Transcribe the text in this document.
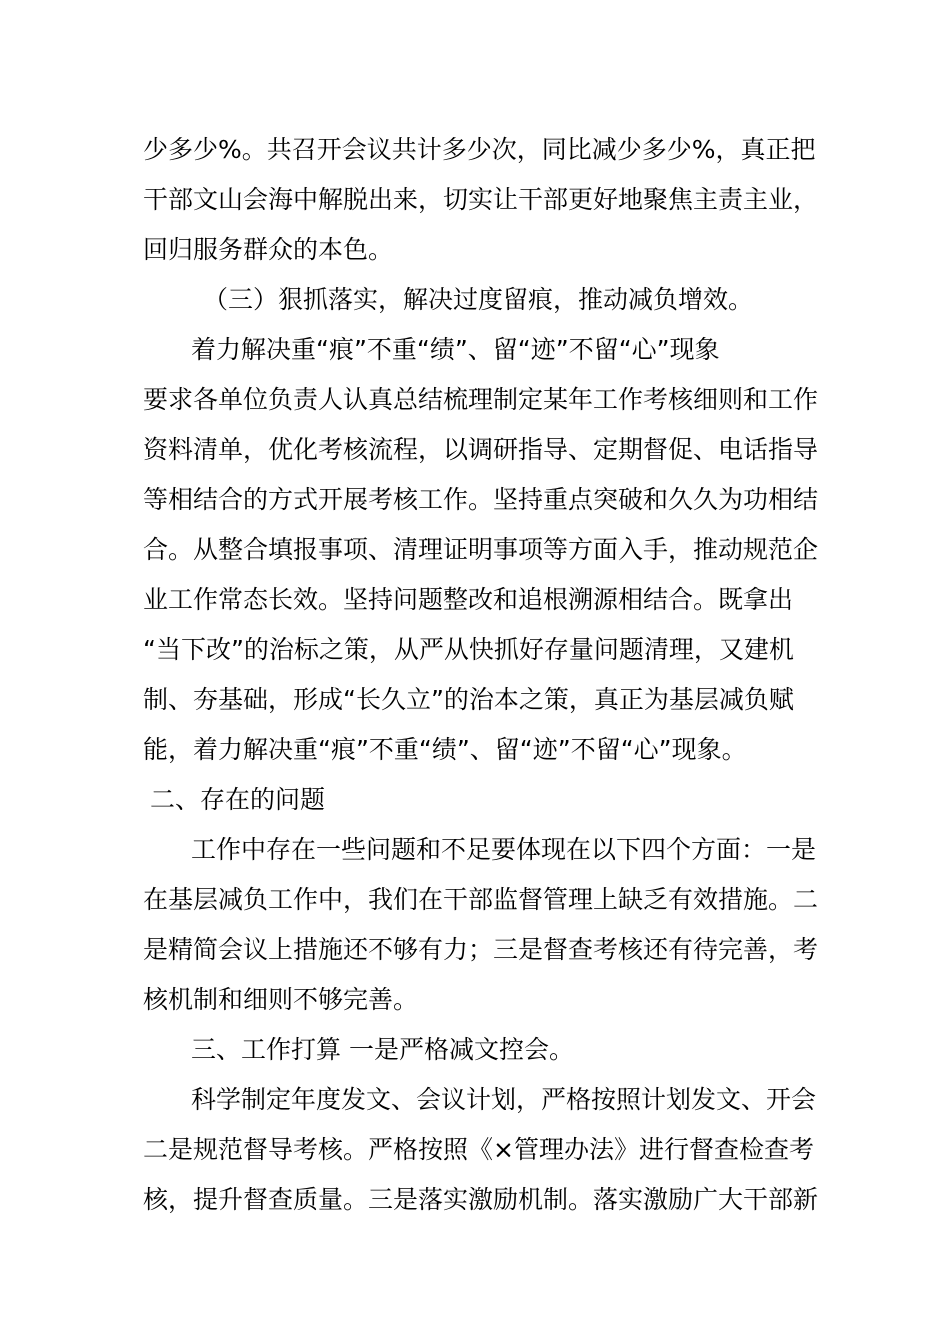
少多少%。共召开会议共计多少次，同比减少多少%，真正把
干部文山会海中解脱出来，切实让干部更好地聚焦主责主业，
回归服务群众的本色。
（三）狠抓落实，解决过度留痕，推动减负增效。
着力解决重“痕”不重“绩”、留“迹”不留“心”现象
要求各单位负责人认真总结梳理制定某年工作考核细则和工作
资料清单，优化考核流程，以调研指导、定期督促、电话指导
等相结合的方式开展考核工作。坚持重点突破和久久为功相结
合。从整合填报事项、清理证明事项等方面入手，推动规范企
业工作常态长效。坚持问题整改和追根溯源相结合。既拿出
“当下改”的治标之策，从严从快抓好存量问题清理，又建机
制、夯基础，形成“长久立”的治本之策，真正为基层减负赋
能，着力解决重“痕”不重“绩”、留“迹”不留“心”现象。
二、存在的问题
工作中存在一些问题和不足要体现在以下四个方面：一是
在基层减负工作中，我们在干部监督管理上缺乏有效措施。二
是精简会议上措施还不够有力；三是督查考核还有待完善，考
核机制和细则不够完善。
三、工作打算 一是严格减文控会。
科学制定年度发文、会议计划，严格按照计划发文、开会
二是规范督导考核。严格按照《×管理办法》进行督查检查考
核，提升督查质量。三是落实激励机制。落实激励广大干部新
